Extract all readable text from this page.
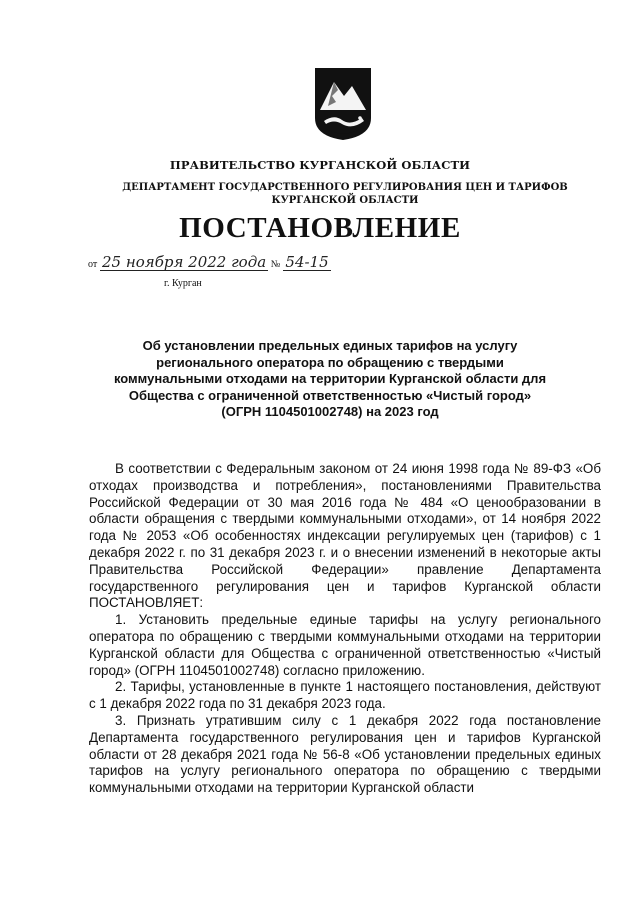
ПРАВИТЕЛЬСТВО КУРГАНСКОЙ ОБЛАСТИ
ДЕПАРТАМЕНТ ГОСУДАРСТВЕННОГО РЕГУЛИРОВАНИЯ ЦЕН И ТАРИФОВ КУРГАНСКОЙ ОБЛАСТИ
ПОСТАНОВЛЕНИЕ
от 25 ноября 2022 года № 54-15
г. Курган
Об установлении предельных единых тарифов на услугу регионального оператора по обращению с твердыми коммунальными отходами на территории Курганской области для Общества с ограниченной ответственностью «Чистый город» (ОГРН 1104501002748) на 2023 год

В соответствии с Федеральным законом от 24 июня 1998 года № 89-ФЗ «Об отходах производства и потребления», постановлениями Правительства Российской Федерации от 30 мая 2016 года № 484 «О ценообразовании в области обращения с твердыми коммунальными отходами», от 14 ноября 2022 года № 2053 «Об особенностях индексации регулируемых цен (тарифов) с 1 декабря 2022 г. по 31 декабря 2023 г. и о внесении изменений в некоторые акты Правительства Российской Федерации» правление Департамента государственного регулирования цен и тарифов Курганской области ПОСТАНОВЛЯЕТ:

1. Установить предельные единые тарифы на услугу регионального оператора по обращению с твердыми коммунальными отходами на территории Курганской области для Общества с ограниченной ответственностью «Чистый город» (ОГРН 1104501002748) согласно приложению.

2. Тарифы, установленные в пункте 1 настоящего постановления, действуют с 1 декабря 2022 года по 31 декабря 2023 года.

3. Признать утратившим силу с 1 декабря 2022 года постановление Департамента государственного регулирования цен и тарифов Курганской области от 28 декабря 2021 года № 56-8 «Об установлении предельных единых тарифов на услугу регионального оператора по обращению с твердыми коммунальными отходами на территории Курганской области
